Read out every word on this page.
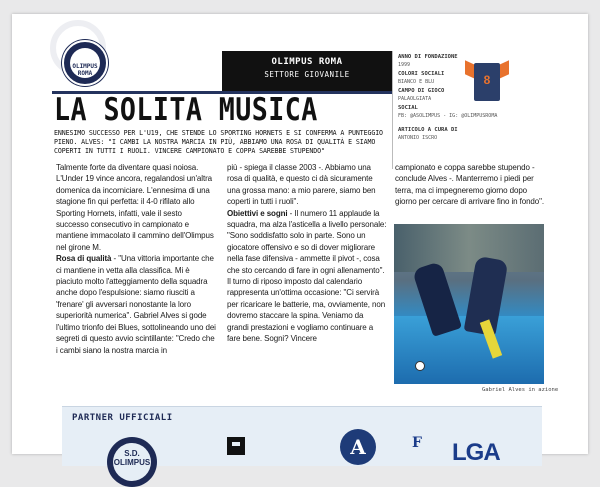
OLIMPUS ROMA
OLIMPUS ROMA
SETTORE GIOVANILE
ANNO DI FONDAZIONE
1999
COLORI SOCIALI
BIANCO E BLU
CAMPO DI GIOCO
PALAOLGIATA
SOCIAL
FB: @ASOLIMPUS - IG: @OLIMPUSROMA
ARTICOLO A CURA DI
ANTONIO ISCRO
8
LA SOLITA MUSICA
ENNESIMO SUCCESSO PER L'U19, CHE STENDE LO SPORTING HORNETS E SI CONFERMA A PUNTEGGIO PIENO. ALVES: "I CAMBI LA NOSTRA MARCIA IN PIÙ, ABBIAMO UNA ROSA DI QUALITÀ E SIAMO COPERTI IN TUTTI I RUOLI. VINCERE CAMPIONATO E COPPA SAREBBE STUPENDO"

Talmente forte da diventare quasi noiosa. L'Under 19 vince ancora, regalandosi un'altra domenica da incorniciare. L'ennesima di una stagione fin qui perfetta: il 4-0 rifilato allo Sporting Hornets, infatti, vale il sesto successo consecutivo in campionato e mantiene immacolato il cammino dell'Olimpus nel girone M.

Rosa di qualità - "Una vittoria importante che ci mantiene in vetta alla classifica. Mi è piaciuto molto l'atteggiamento della squadra anche dopo l'espulsione: siamo riusciti a 'frenare' gli avversari nonostante la loro superiorità numerica". Gabriel Alves si gode l'ultimo trionfo dei Blues, sottolineando uno dei segreti di questo avvio scintillante: "Credo che i cambi siano la nostra marcia in

più - spiega il classe 2003 -. Abbiamo una rosa di qualità, e questo ci dà sicuramente una grossa mano: a mio parere, siamo ben coperti in tutti i ruoli".

Obiettivi e sogni - Il numero 11 applaude la squadra, ma alza l'asticella a livello personale: "Sono soddisfatto solo in parte. Sono un giocatore offensivo e so di dover migliorare nella fase difensiva - ammette il pivot -, cosa che sto cercando di fare in ogni allenamento". Il turno di riposo imposto dal calendario rappresenta un'ottima occasione: "Ci servirà per ricaricare le batterie, ma, ovviamente, non dovremo staccare la spina. Veniamo da grandi prestazioni e vogliamo continuare a fare bene. Sogni? Vincere

campionato e coppa sarebbe stupendo - conclude Alves -. Manterremo i piedi per terra, ma ci impegneremo giorno dopo giorno per cercare di arrivare fino in fondo".

Gabriel Alves in azione
PARTNER UFFICIALI
S.D. OLIMPUS
A	F LGA
